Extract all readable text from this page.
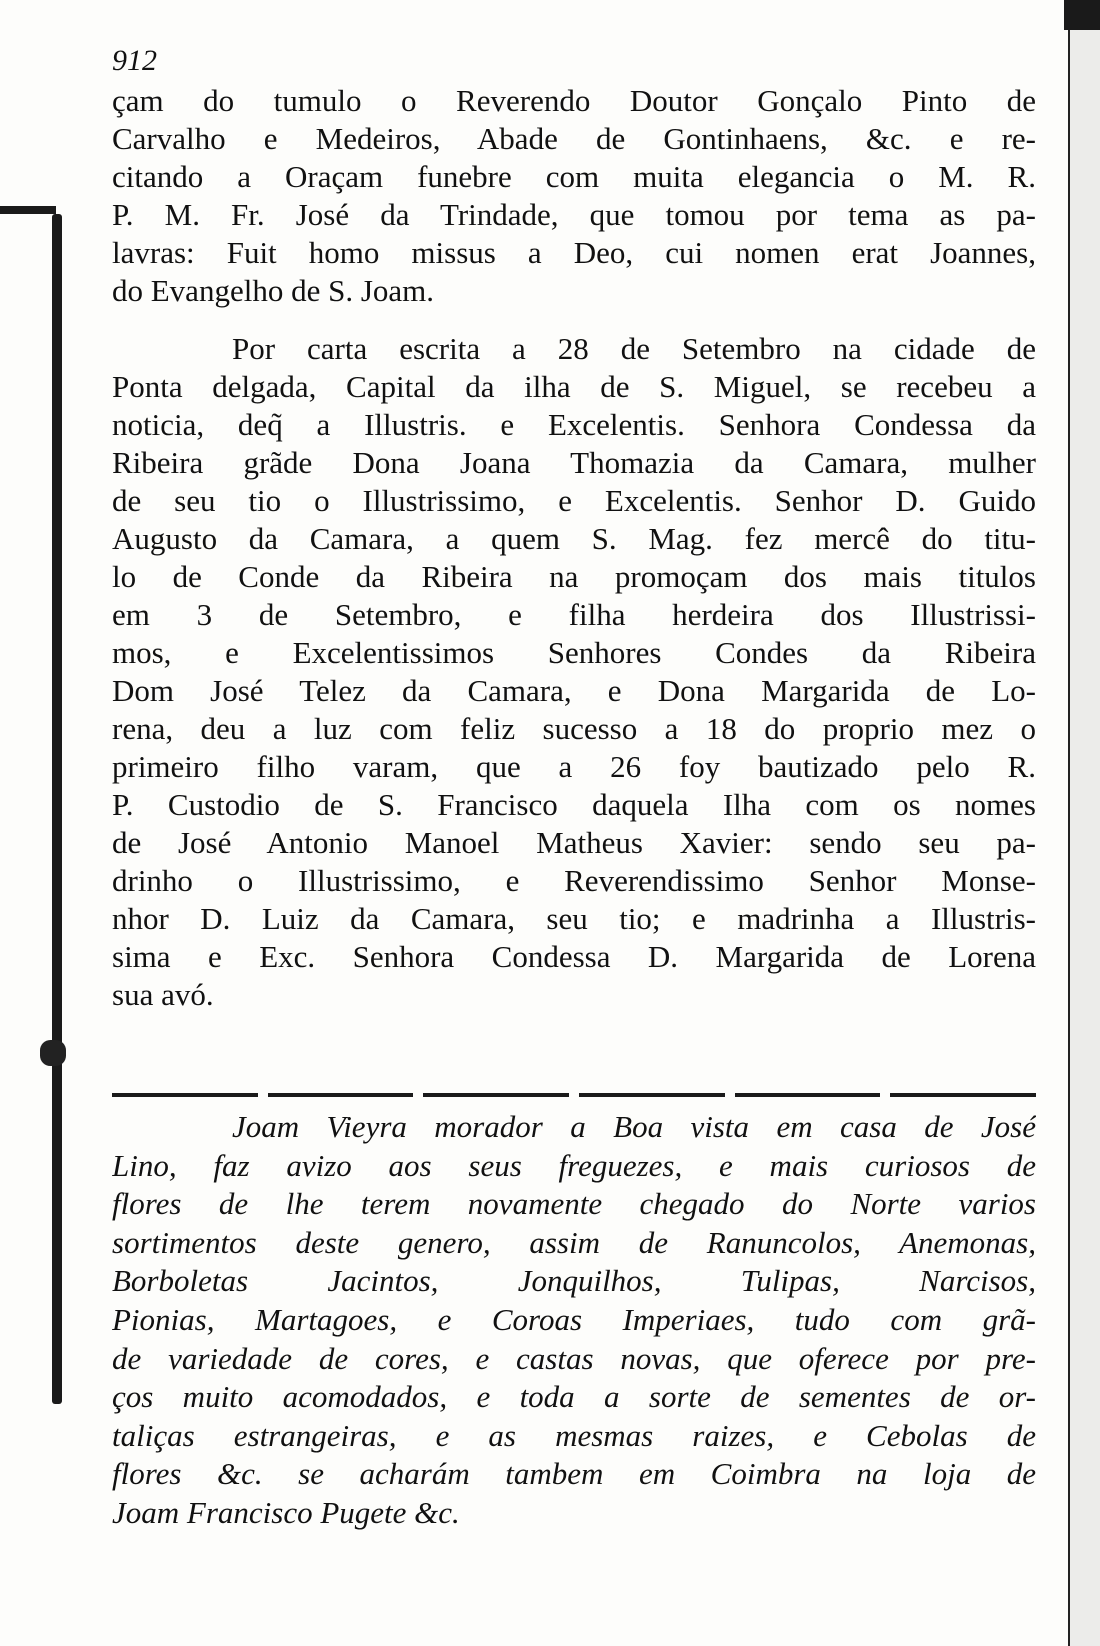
912
çam do tumulo o Reverendo Doutor Gonçalo Pinto de
Carvalho e Medeiros, Abade de Gontinhaens, &c. e re-
citando a Oraçam funebre com muita elegancia o M. R.
P. M. Fr. José da Trindade, que tomou por tema as pa-
lavras: Fuit homo missus a Deo, cui nomen erat Joannes,
do Evangelho de S. Joam.
Por carta escrita a 28 de Setembro na cidade de
Ponta delgada, Capital da ilha de S. Miguel, se recebeu a
noticia, deq̃ a Illustris. e Excelentis. Senhora Condessa da
Ribeira grãde Dona Joana Thomazia da Camara, mulher
de seu tio o Illustrissimo, e Excelentis. Senhor D. Guido
Augusto da Camara, a quem S. Mag. fez mercê do titu-
lo de Conde da Ribeira na promoçam dos mais titulos
em 3 de Setembro, e filha herdeira dos Illustrissi-
mos, e Excelentissimos Senhores Condes da Ribeira
Dom José Telez da Camara, e Dona Margarida de Lo-
rena, deu a luz com feliz sucesso a 18 do proprio mez o
primeiro filho varam, que a 26 foy bautizado pelo R.
P. Custodio de S. Francisco daquela Ilha com os nomes
de José Antonio Manoel Matheus Xavier: sendo seu pa-
drinho o Illustrissimo, e Reverendissimo Senhor Monse-
nhor D. Luiz da Camara, seu tio; e madrinha a Illustris-
sima e Exc. Senhora Condessa D. Margarida de Lorena
sua avó.
Joam Vieyra morador a Boa vista em casa de José
Lino, faz avizo aos seus freguezes, e mais curiosos de
flores de lhe terem novamente chegado do Norte varios
sortimentos deste genero, assim de Ranuncolos, Anemonas,
Borboletas Jacintos, Jonquilhos, Tulipas, Narcisos,
Pionias, Martagoes, e Coroas Imperiaes, tudo com grã-
de variedade de cores, e castas novas, que oferece por pre-
ços muito acomodados, e toda a sorte de sementes de or-
taliças estrangeiras, e as mesmas raizes, e Cebolas de
flores &c. se acharám tambem em Coimbra na loja de
Joam Francisco Pugete &c.
